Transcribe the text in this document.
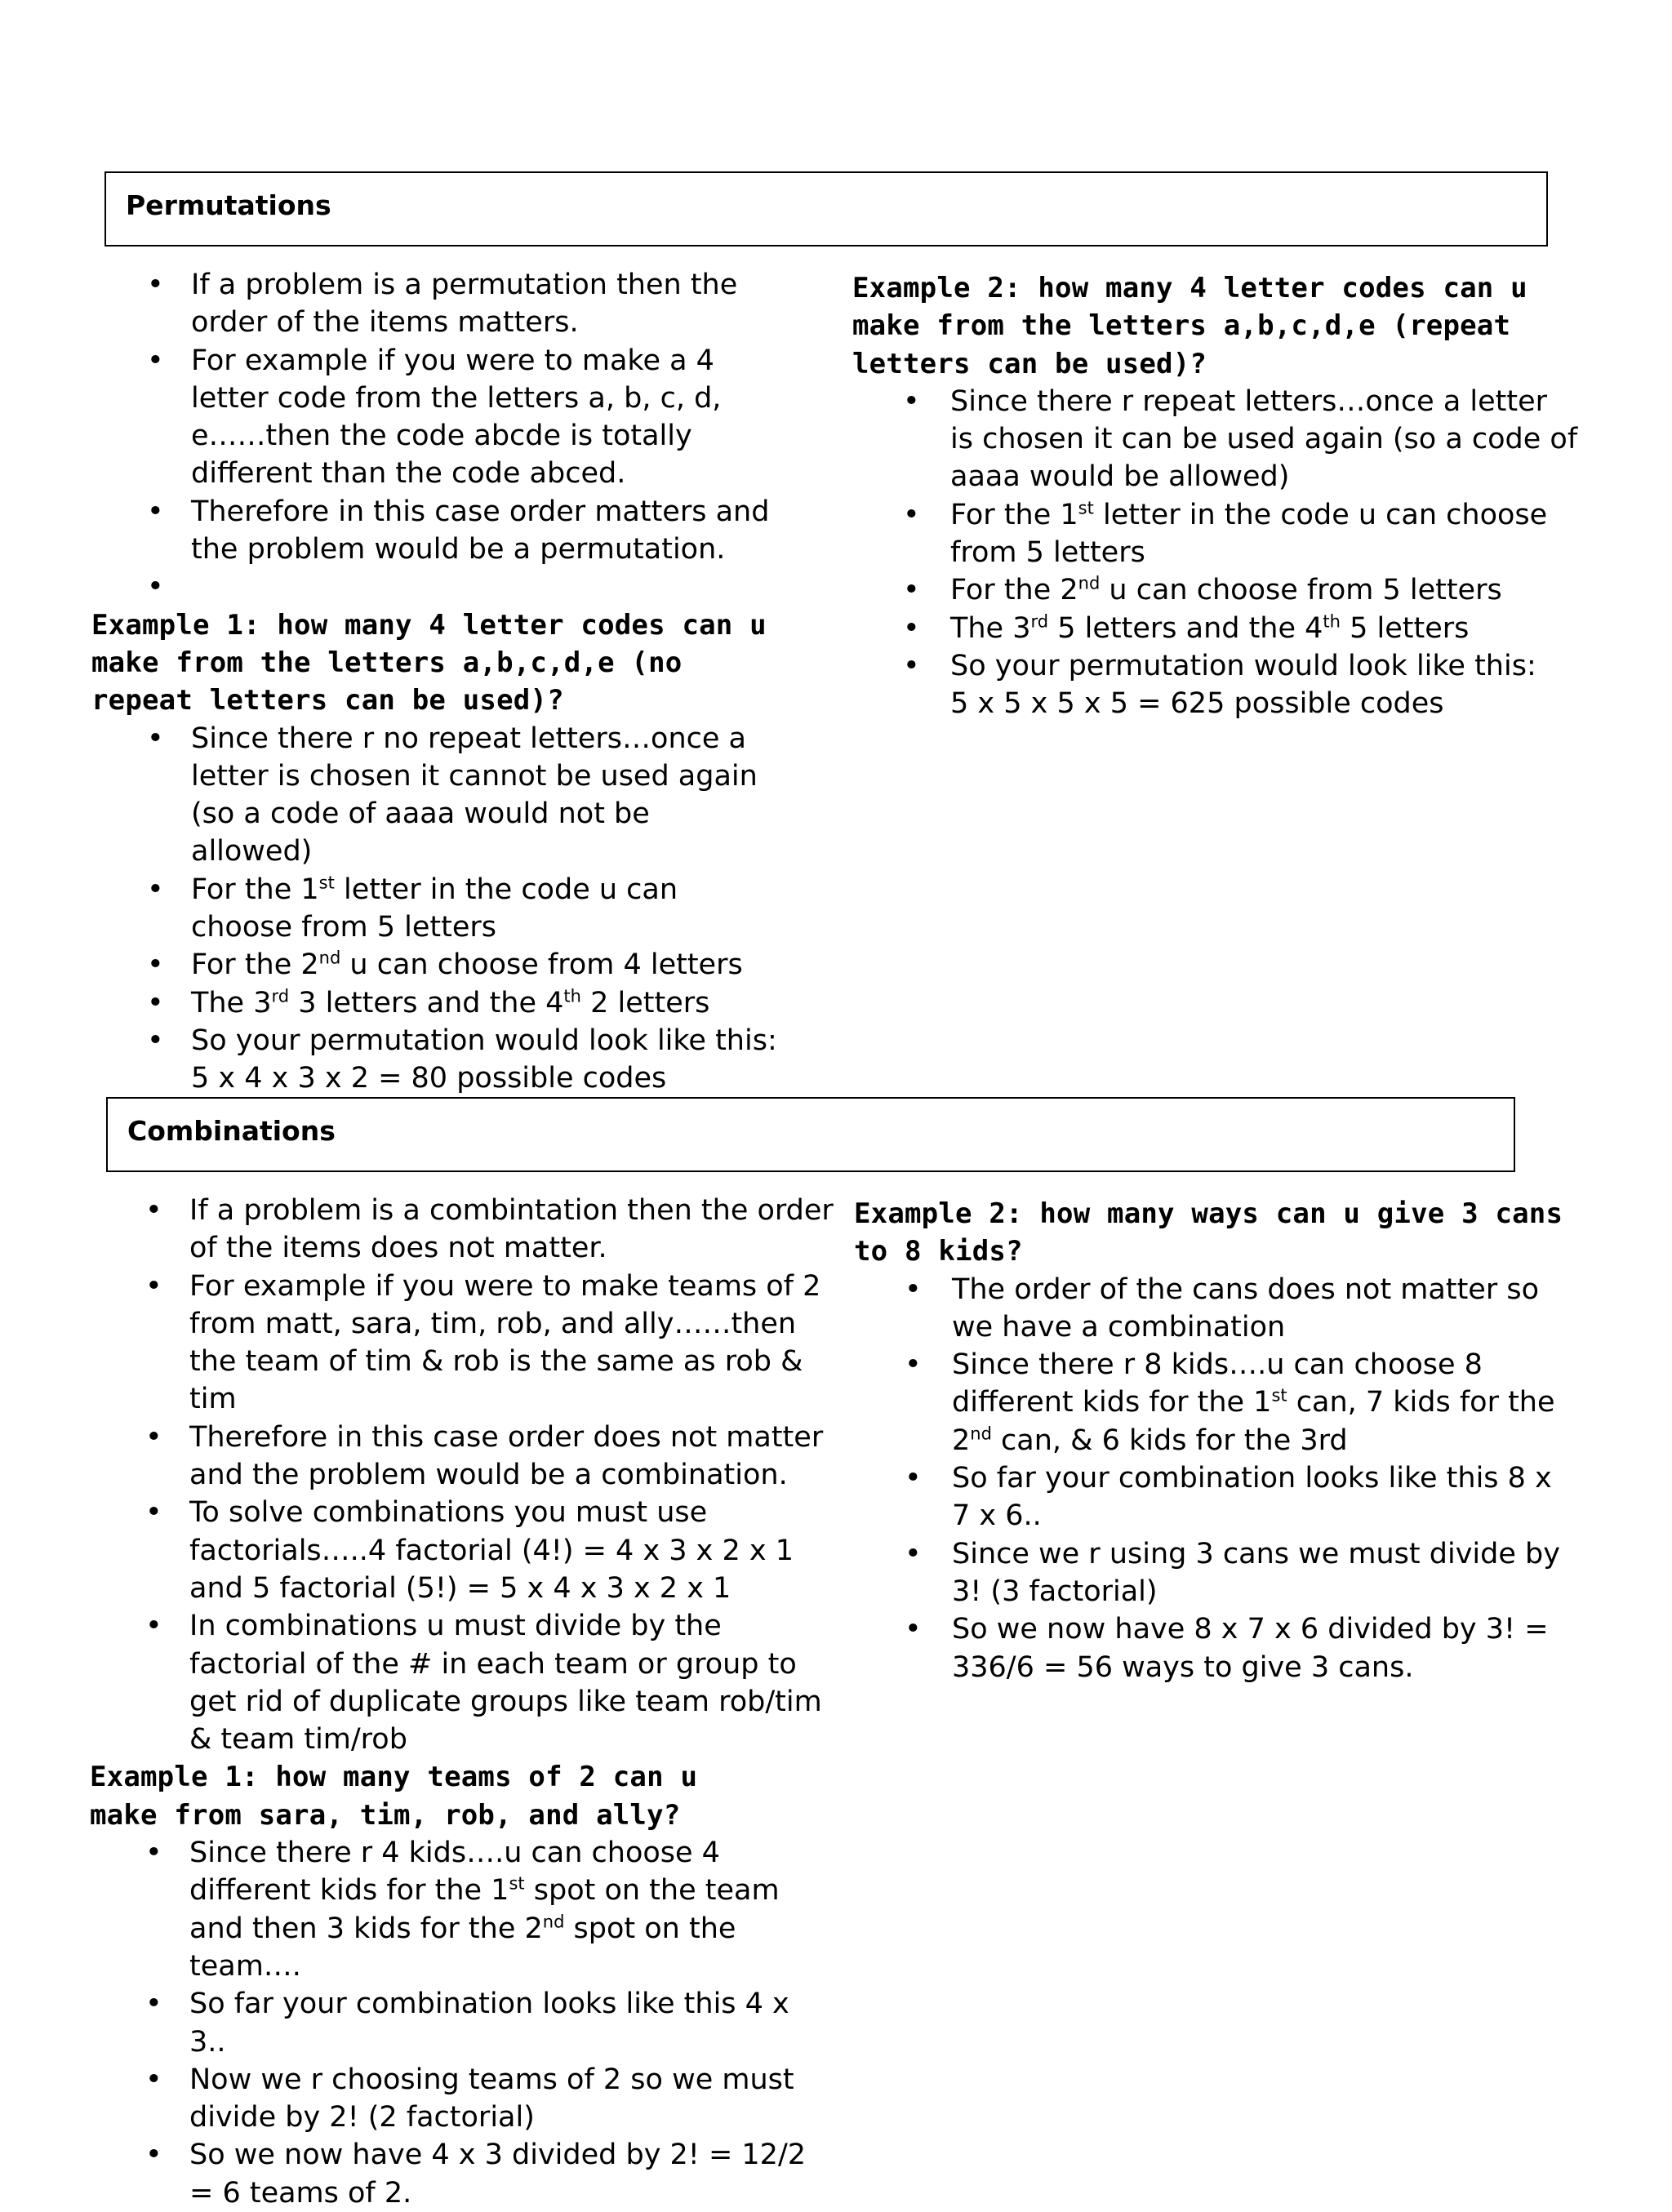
Permutations
• If a problem is a permutation then the order of the items matters.
• For example if you were to make a 4 letter code from the letters a, b, c, d, e……then the code abcde is totally different than the code abced.
• Therefore in this case order matters and the problem would be a permutation.
•
Example 1: how many 4 letter codes can u make from the letters a,b,c,d,e (no repeat letters can be used)?
• Since there r no repeat letters…once a letter is chosen it cannot be used again (so a code of aaaa would not be allowed)
• For the 1st letter in the code u can choose from 5 letters
• For the 2nd u can choose from 4 letters
• The 3rd 3 letters and the 4th 2 letters
• So your permutation would look like this:
5 x 4 x 3 x 2 = 80 possible codes
Example 2: how many 4 letter codes can u make from the letters a,b,c,d,e (repeat letters can be used)?
• Since there r repeat letters…once a letter is chosen it can be used again (so a code of aaaa would be allowed)
• For the 1st letter in the code u can choose from 5 letters
• For the 2nd u can choose from 5 letters
• The 3rd 5 letters and the 4th 5 letters
• So your permutation would look like this:
5 x 5 x 5 x 5 = 625 possible codes
Combinations
• If a problem is a combintation then the order of the items does not matter.
• For example if you were to make teams of 2 from matt, sara, tim, rob, and ally……then the team of tim & rob is the same as rob & tim
• Therefore in this case order does not matter and the problem would be a combination.
• To solve combinations you must use factorials…..4 factorial (4!) = 4 x 3 x 2 x 1 and 5 factorial (5!) = 5 x 4 x 3 x 2 x 1
• In combinations u must divide by the factorial of the # in each team or group to get rid of duplicate groups like team rob/tim & team tim/rob
Example 1: how many teams of 2 can u make from sara, tim, rob, and ally?
• Since there r 4 kids….u can choose 4 different kids for the 1st spot on the team and then 3 kids for the 2nd spot on the team….
• So far your combination looks like this 4 x 3..
• Now we r choosing teams of 2 so we must divide by 2! (2 factorial)
• So we now have 4 x 3 divided by 2! = 12/2 = 6 teams of 2.
Example 2: how many ways can u give 3 cans to 8 kids?
• The order of the cans does not matter so we have a combination
• Since there r 8 kids….u can choose 8 different kids for the 1st can, 7 kids for the 2nd can, & 6 kids for the 3rd
• So far your combination looks like this 8 x 7 x 6..
• Since we r using 3 cans we must divide by 3! (3 factorial)
• So we now have 8 x 7 x 6 divided by 3! = 336/6 = 56 ways to give 3 cans.
